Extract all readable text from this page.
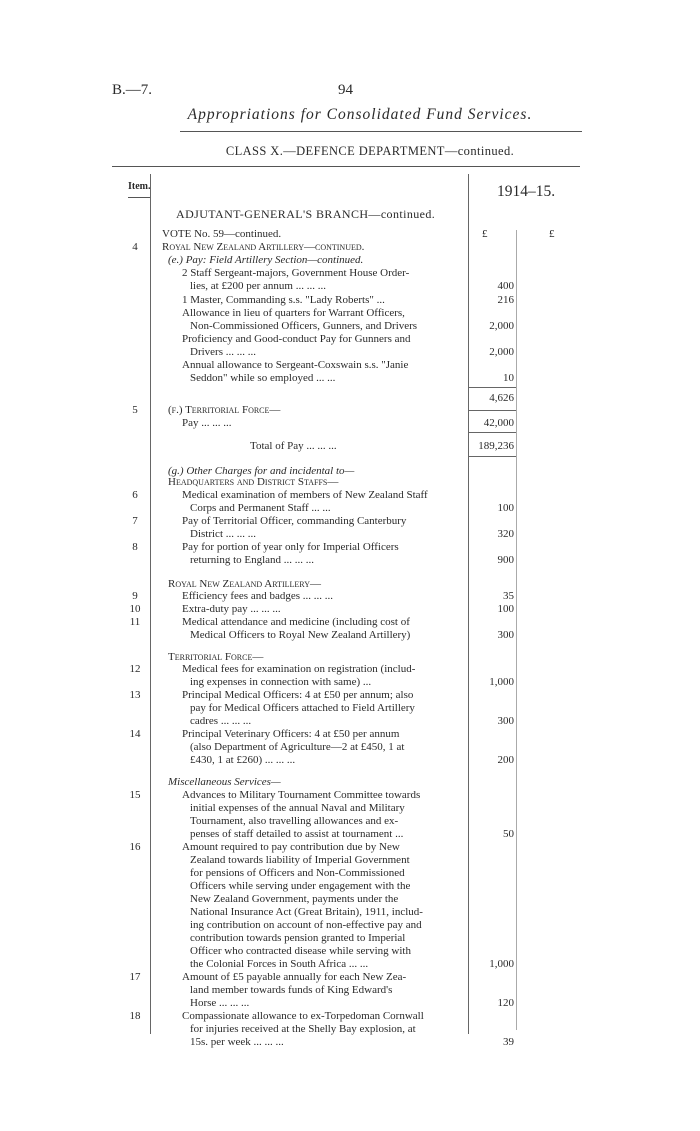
B.—7.	94
Appropriations for Consolidated Fund Services.
CLASS X.—DEFENCE DEPARTMENT—continued.
Item.	1914–15.
ADJUTANT-GENERAL'S BRANCH—continued.
£	£
VOTE No. 59—continued.
4	Royal New Zealand Artillery—continued.
(e.) Pay: Field Artillery Section—continued.
2 Staff Sergeant-majors, Government House Order-
lies, at £200 per annum ... ... ...	400
1 Master, Commanding s.s. "Lady Roberts" ...	216
Allowance in lieu of quarters for Warrant Officers,
Non-Commissioned Officers, Gunners, and Drivers	2,000
Proficiency and Good-conduct Pay for Gunners and
Drivers ... ... ...	2,000
Annual allowance to Sergeant-Coxswain s.s. "Janie
Seddon" while so employed ... ...	10
4,626
5	(f.) Territorial Force—
Pay ... ... ...	42,000
Total of Pay ... ... ...	189,236
(g.) Other Charges for and incidental to—
Headquarters and District Staffs—
6	Medical examination of members of New Zealand Staff
Corps and Permanent Staff ... ...	100
7	Pay of Territorial Officer, commanding Canterbury
District ... ... ...	320
8	Pay for portion of year only for Imperial Officers
returning to England ... ... ...	900
Royal New Zealand Artillery—
9	Efficiency fees and badges ... ... ...	35
10	Extra-duty pay ... ... ...	100
11	Medical attendance and medicine (including cost of
Medical Officers to Royal New Zealand Artillery)	300
Territorial Force—
12	Medical fees for examination on registration (includ-
ing expenses in connection with same) ...	1,000
13	Principal Medical Officers: 4 at £50 per annum; also
pay for Medical Officers attached to Field Artillery
cadres ... ... ...	300
14	Principal Veterinary Officers: 4 at £50 per annum
(also Department of Agriculture—2 at £450, 1 at
£430, 1 at £260) ... ... ...	200
Miscellaneous Services—
15	Advances to Military Tournament Committee towards
initial expenses of the annual Naval and Military
Tournament, also travelling allowances and ex-
penses of staff detailed to assist at tournament ...	50
16	Amount required to pay contribution due by New
Zealand towards liability of Imperial Government
for pensions of Officers and Non-Commissioned
Officers while serving under engagement with the
New Zealand Government, payments under the
National Insurance Act (Great Britain), 1911, includ-
ing contribution on account of non-effective pay and
contribution towards pension granted to Imperial
Officer who contracted disease while serving with
the Colonial Forces in South Africa ... ...	1,000
17	Amount of £5 payable annually for each New Zea-
land member towards funds of King Edward's
Horse ... ... ...	120
18	Compassionate allowance to ex-Torpedoman Cornwall
for injuries received at the Shelly Bay explosion, at
15s. per week ... ... ...	39
